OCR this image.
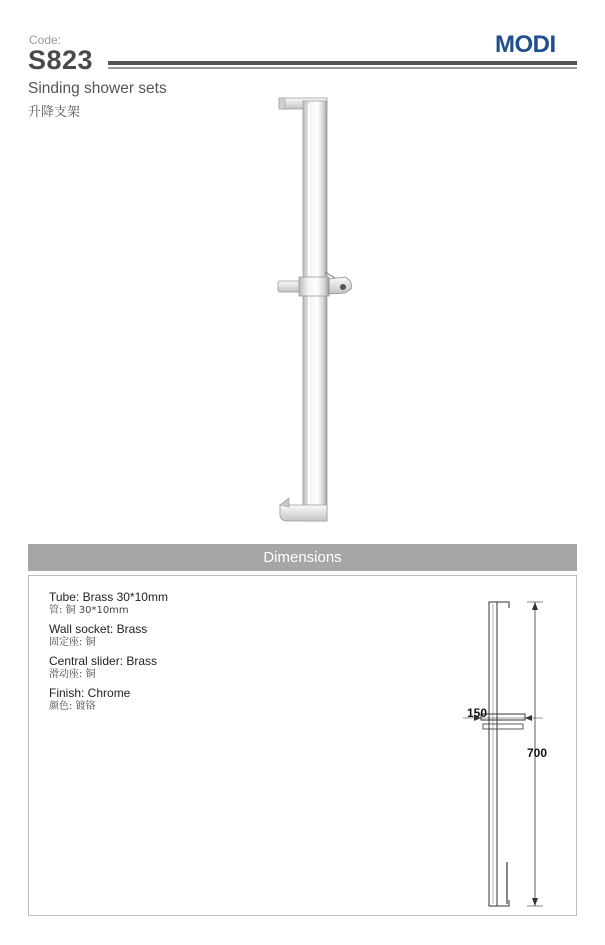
Code:
S823
MODI
Sinding shower sets
升降支架
Dimensions
Tube: Brass 30*10mm
管: 铜 30*10mm
Wall socket: Brass
固定座: 铜
Central slider: Brass
滑动座: 铜
Finish: Chrome
颜色: 镀铬	150
700
